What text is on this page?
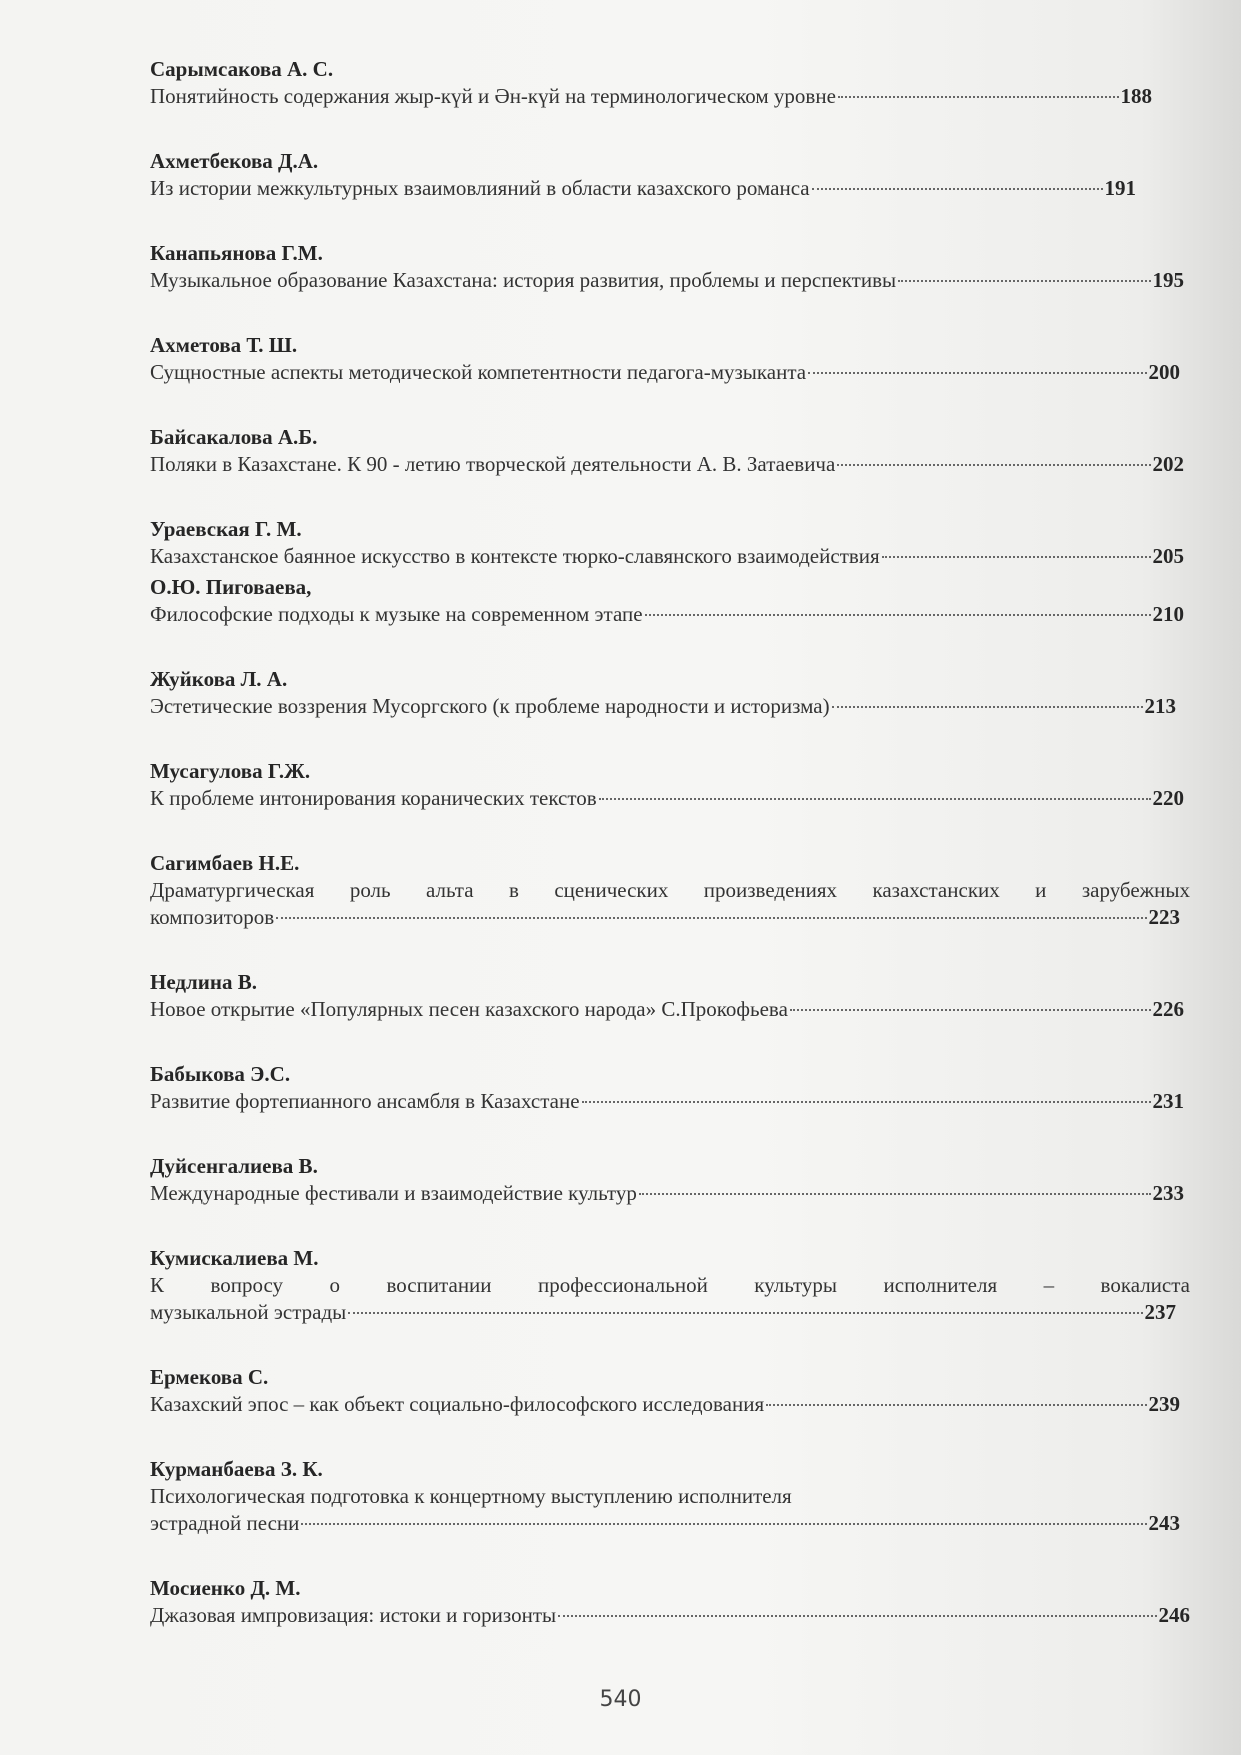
Сарымсакова А. С.
Понятийность содержания жыр-күй и Ән-күй на терминологическом уровне	188
Ахметбекова Д.А.
Из истории межкультурных взаимовлияний в области казахского романса	191
Канапьянова Г.М.
Музыкальное образование Казахстана: история развития, проблемы и перспективы	195
Ахметова Т. Ш.
Сущностные аспекты методической компетентности педагога-музыканта	200
Байсакалова А.Б.
Поляки в Казахстане. К 90 - летию творческой деятельности А. В. Затаевича	202
Ураевская Г. М.
Казахстанское баянное искусство в контексте тюрко-славянского взаимодействия	205
О.Ю. Пиговаева,
Философские подходы к музыке на современном этапе	210
Жуйкова Л. А.
Эстетические воззрения Мусоргского (к проблеме народности и историзма)	213
Мусагулова Г.Ж.
К проблеме интонирования коранических текстов	220
Сагимбаев Н.Е.
Драматургическая роль альта в сценических произведениях казахстанских и зарубежных
композиторов	223
Недлина В.
Новое открытие «Популярных песен казахского народа» С.Прокофьева	226
Бабыкова Э.С.
Развитие фортепианного ансамбля в Казахстане	231
Дуйсенгалиева В.
Международные фестивали и взаимодействие культур	233
Кумискалиева М.
К вопросу о воспитании профессиональной культуры исполнителя – вокалиста
музыкальной эстрады	237
Ермекова С.
Казахский эпос – как объект социально-философского исследования	239
Курманбаева З. К.
Психологическая подготовка к концертному выступлению исполнителя
эстрадной песни	243
Мосиенко Д. М.
Джазовая импровизация: истоки и горизонты	246
540
